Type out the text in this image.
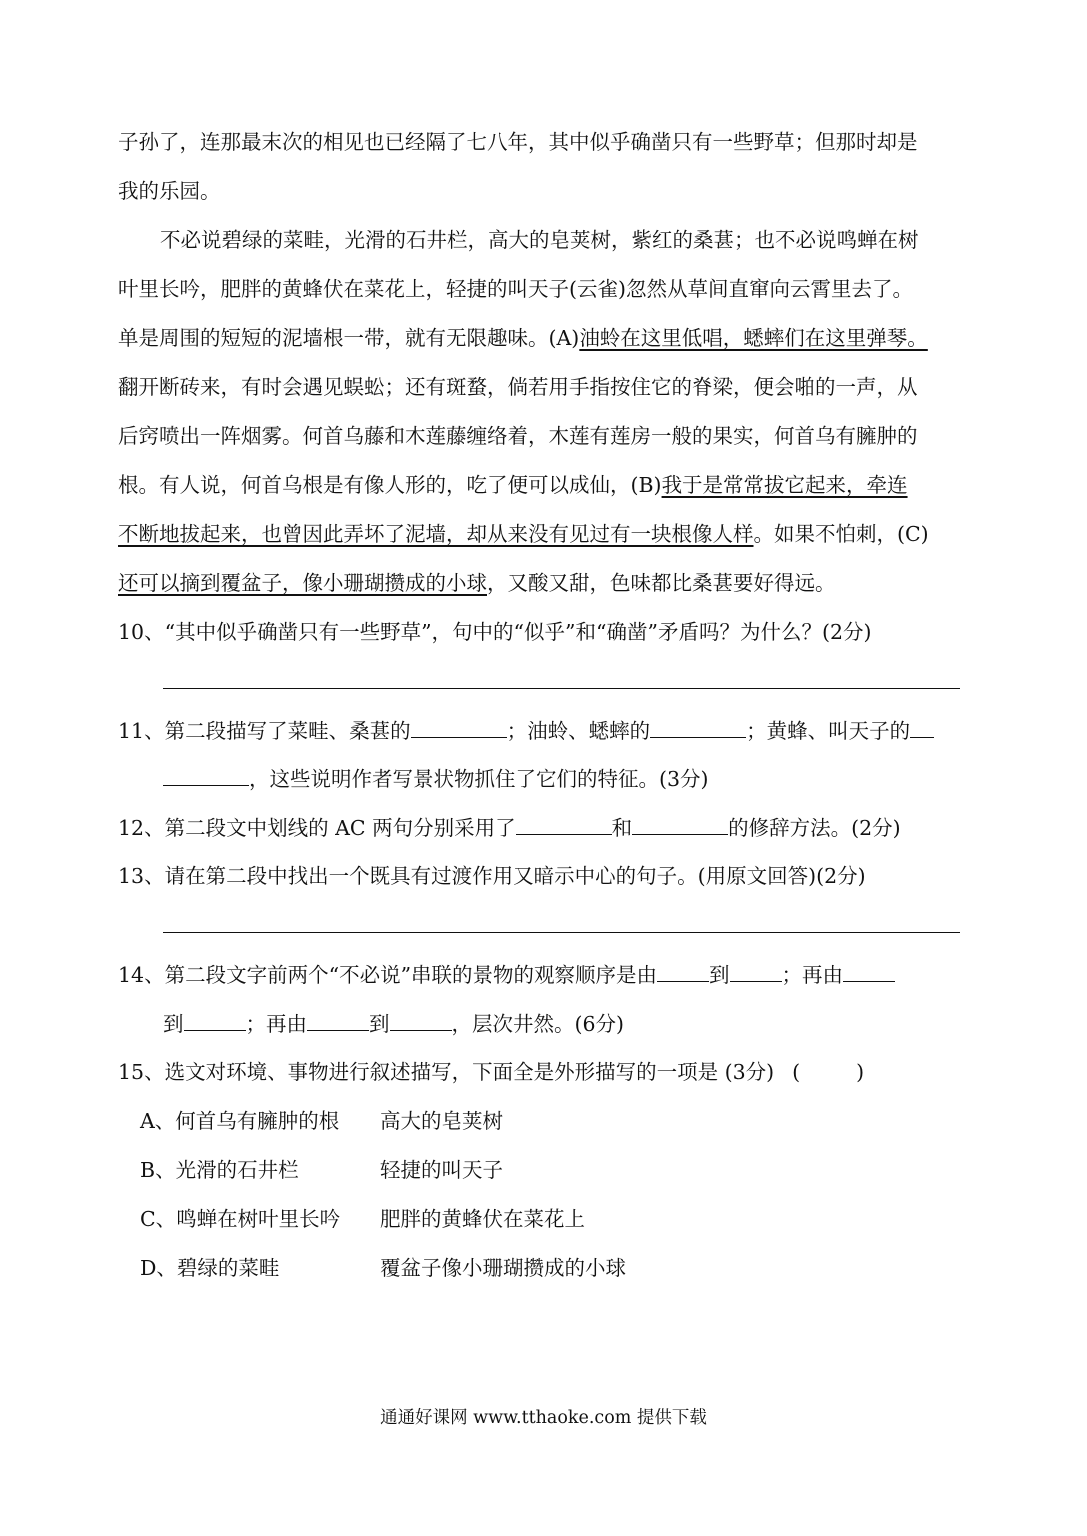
子孙了，连那最末次的相见也已经隔了七八年，其中似乎确凿只有一些野草；但那时却是
我的乐园。
不必说碧绿的菜畦，光滑的石井栏，高大的皂荚树，紫红的桑葚；也不必说鸣蝉在树
叶里长吟，肥胖的黄蜂伏在菜花上，轻捷的叫天子(云雀)忽然从草间直窜向云霄里去了。
单是周围的短短的泥墙根一带，就有无限趣味。(A)油蛉在这里低唱，蟋蟀们在这里弹琴。
翻开断砖来，有时会遇见蜈蚣；还有斑蝥，倘若用手指按住它的脊梁，便会啪的一声，从
后窍喷出一阵烟雾。何首乌藤和木莲藤缠络着，木莲有莲房一般的果实，何首乌有臃肿的
根。有人说，何首乌根是有像人形的，吃了便可以成仙，(B)我于是常常拔它起来，牵连
不断地拔起来，也曾因此弄坏了泥墙，却从来没有见过有一块根像人样。如果不怕刺，(C)
还可以摘到覆盆子，像小珊瑚攒成的小球，又酸又甜，色味都比桑葚要好得远。
10、“其中似乎确凿只有一些野草”，句中的“似乎”和“确凿”矛盾吗？为什么？(2分)
11、第二段描写了菜畦、桑葚的	；油蛉、蟋蟀的	；黄蜂、叫天子的
，这些说明作者写景状物抓住了它们的特征。(3分)
12、第二段文中划线的 AC 两句分别采用了	和	的修辞方法。(2分)
13、请在第二段中找出一个既具有过渡作用又暗示中心的句子。(用原文回答)(2分)
14、第二段文字前两个“不必说”串联的景物的观察顺序是由	到	；再由
到	；再由	到	，层次井然。(6分)
15、选文对环境、事物进行叙述描写，下面全是外形描写的一项是 (3分) (	)
A、何首乌有臃肿的根 高大的皂荚树
B、光滑的石井栏	轻捷的叫天子
C、鸣蝉在树叶里长吟 肥胖的黄蜂伏在菜花上
D、碧绿的菜畦	覆盆子像小珊瑚攒成的小球
通通好课网 www.tthaoke.com 提供下载
